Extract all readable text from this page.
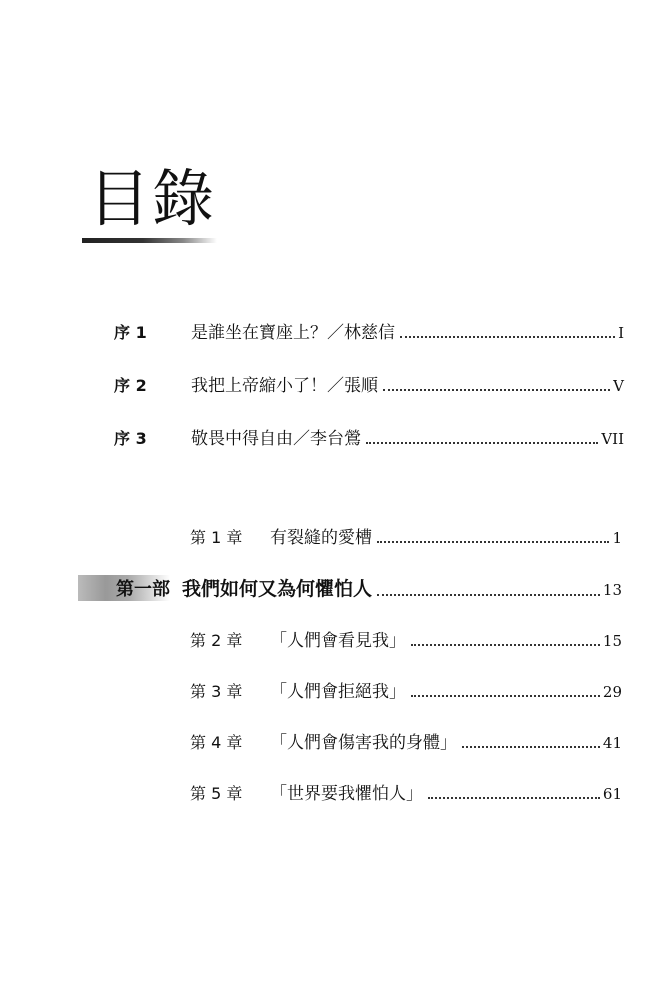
目錄
序 1	是誰坐在寶座上？／林慈信	I
序 2	我把上帝縮小了！／張順	V
序 3	敬畏中得自由／李台鶯	VII
第 1 章	有裂縫的愛槽	1
第一部 我們如何又為何懼怕人	13
第 2 章	「人們會看見我」	15
第 3 章	「人們會拒絕我」	29
第 4 章	「人們會傷害我的身體」	41
第 5 章	「世界要我懼怕人」	61
